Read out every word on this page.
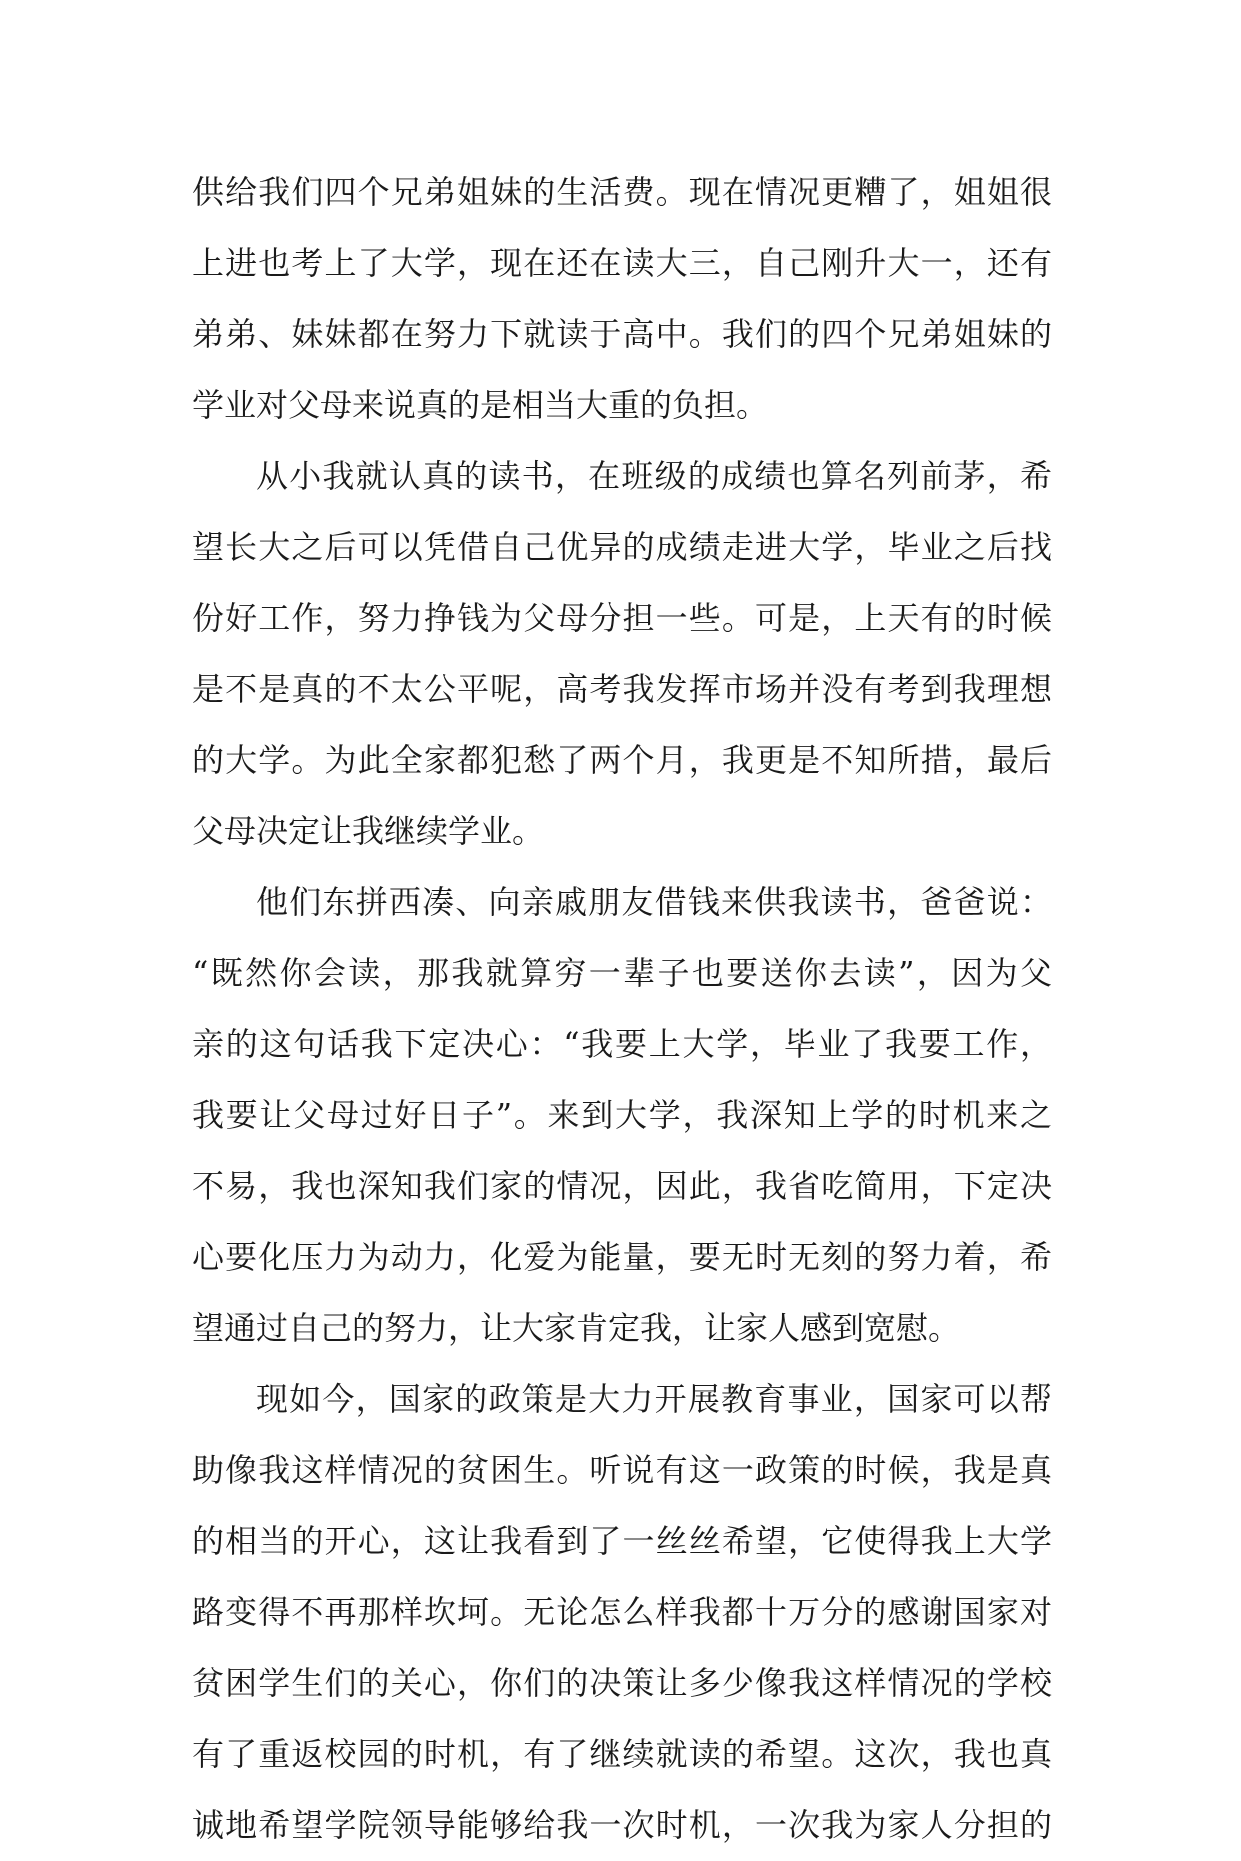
供给我们四个兄弟姐妹的生活费。现在情况更糟了，姐姐很
上进也考上了大学，现在还在读大三，自己刚升大一，还有
弟弟、妹妹都在努力下就读于高中。我们的四个兄弟姐妹的
学业对父母来说真的是相当大重的负担。

从小我就认真的读书，在班级的成绩也算名列前茅，希
望长大之后可以凭借自己优异的成绩走进大学，毕业之后找
份好工作，努力挣钱为父母分担一些。可是，上天有的时候
是不是真的不太公平呢，高考我发挥市场并没有考到我理想
的大学。为此全家都犯愁了两个月，我更是不知所措，最后
父母决定让我继续学业。

他们东拼西凑、向亲戚朋友借钱来供我读书，爸爸说：
“既然你会读，那我就算穷一辈子也要送你去读”，因为父
亲的这句话我下定决心：“我要上大学，毕业了我要工作，
我要让父母过好日子”。来到大学，我深知上学的时机来之
不易，我也深知我们家的情况，因此，我省吃简用，下定决
心要化压力为动力，化爱为能量，要无时无刻的努力着，希
望通过自己的努力，让大家肯定我，让家人感到宽慰。

现如今，国家的政策是大力开展教育事业，国家可以帮
助像我这样情况的贫困生。听说有这一政策的时候，我是真
的相当的开心，这让我看到了一丝丝希望，它使得我上大学
路变得不再那样坎坷。无论怎么样我都十万分的感谢国家对
贫困学生们的关心，你们的决策让多少像我这样情况的学校
有了重返校园的时机，有了继续就读的希望。这次，我也真
诚地希望学院领导能够给我一次时机，一次我为家人分担的
